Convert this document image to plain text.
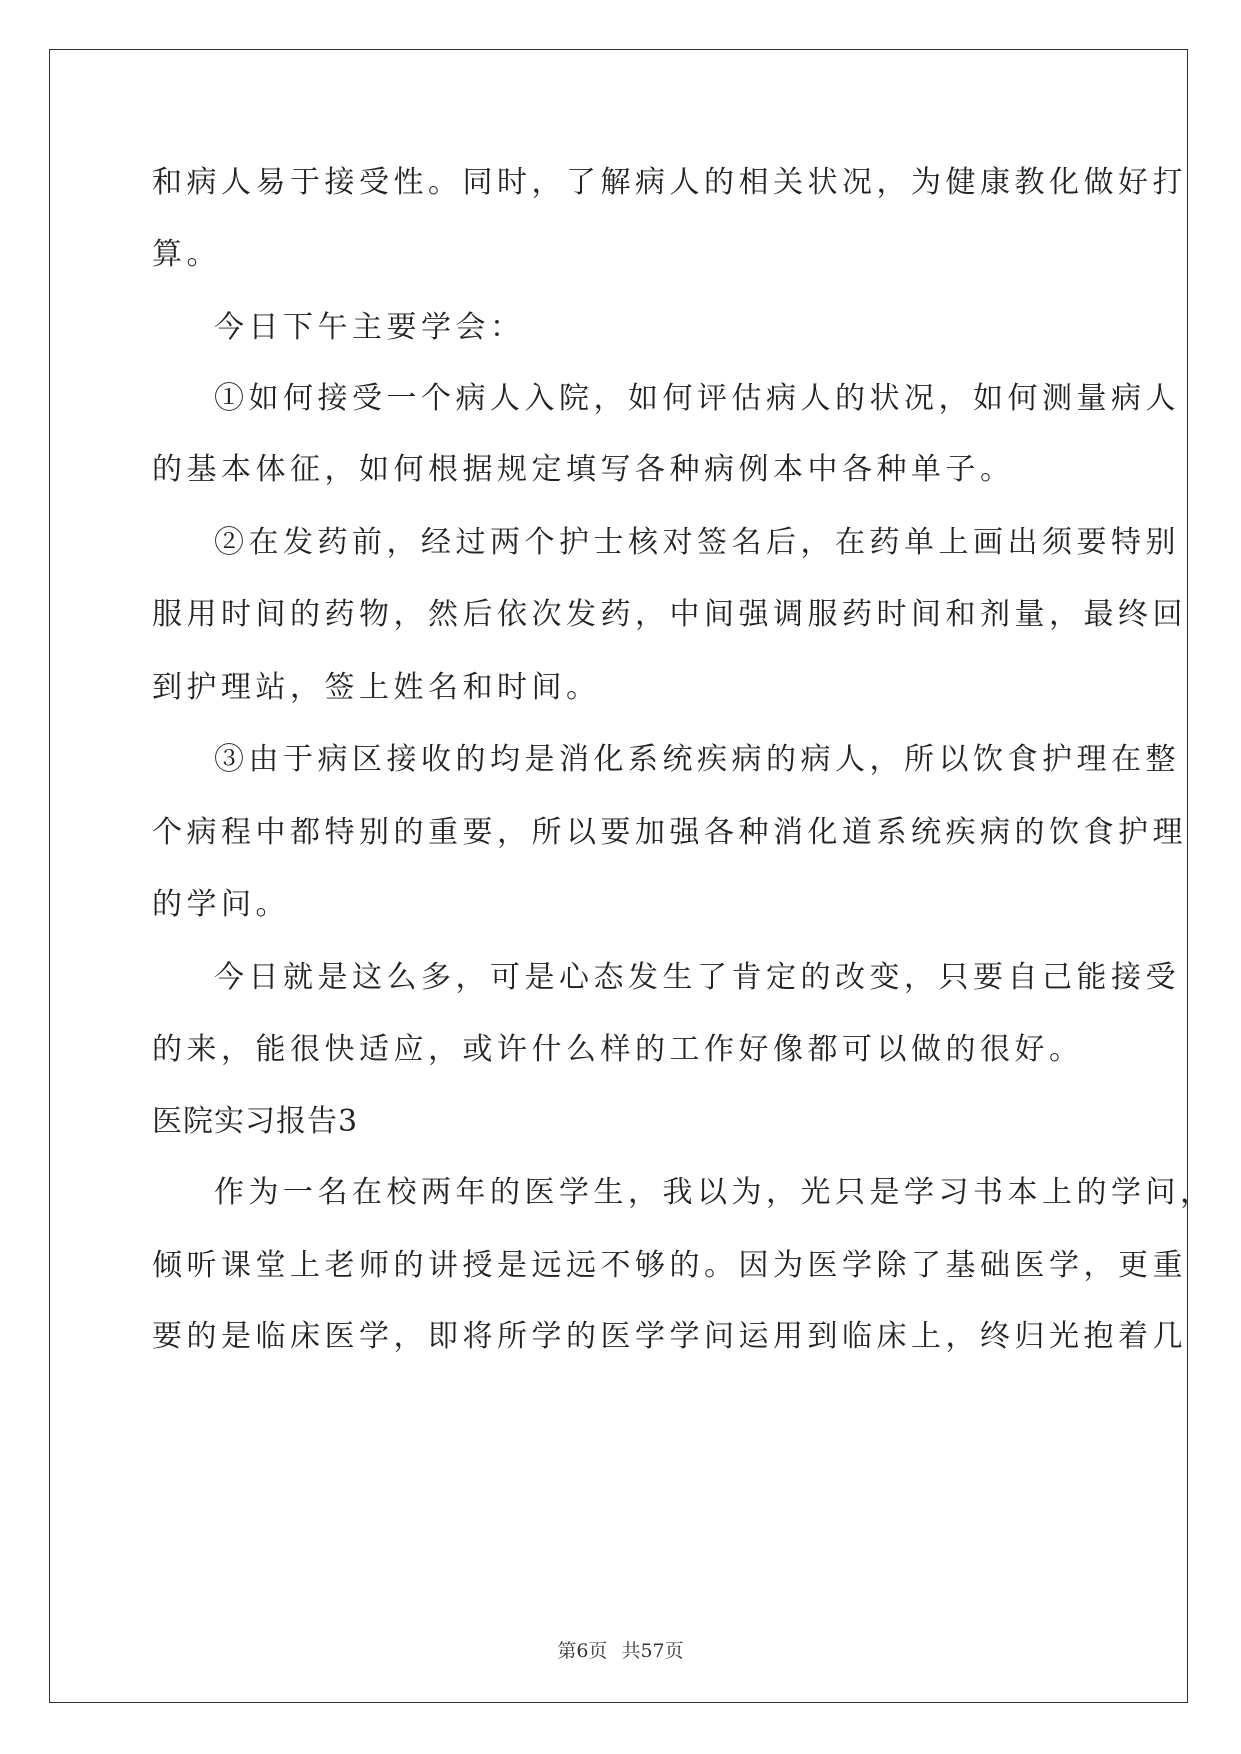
和病人易于接受性。同时，了解病人的相关状况，为健康教化做好打
算。
今日下午主要学会：
①如何接受一个病人入院，如何评估病人的状况，如何测量病人
的基本体征，如何根据规定填写各种病例本中各种单子。
②在发药前，经过两个护士核对签名后，在药单上画出须要特别
服用时间的药物，然后依次发药，中间强调服药时间和剂量，最终回
到护理站，签上姓名和时间。
③由于病区接收的均是消化系统疾病的病人，所以饮食护理在整
个病程中都特别的重要，所以要加强各种消化道系统疾病的饮食护理
的学问。
今日就是这么多，可是心态发生了肯定的改变，只要自己能接受
的来，能很快适应，或许什么样的工作好像都可以做的很好。
医院实习报告3
作为一名在校两年的医学生，我以为，光只是学习书本上的学问，
倾听课堂上老师的讲授是远远不够的。因为医学除了基础医学，更重
要的是临床医学，即将所学的医学学问运用到临床上，终归光抱着几
第6页 共57页
